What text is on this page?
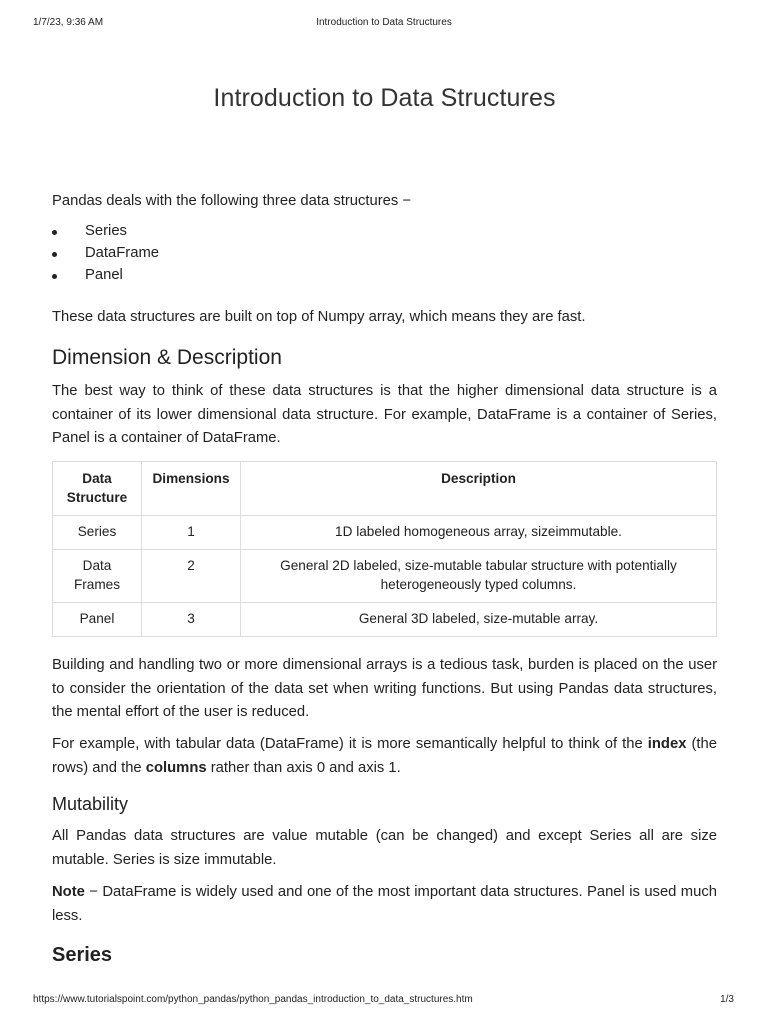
1/7/23, 9:36 AM	Introduction to Data Structures
Introduction to Data Structures

Pandas deals with the following three data structures −

Series
DataFrame
Panel

These data structures are built on top of Numpy array, which means they are fast.

Dimension & Description

The best way to think of these data structures is that the higher dimensional data structure is a container of its lower dimensional data structure. For example, DataFrame is a container of Series, Panel is a container of DataFrame.

Data Structure	Dimensions	Description
Series	1	1D labeled homogeneous array, sizeimmutable.
Data Frames	2	General 2D labeled, size-mutable tabular structure with potentially heterogeneously typed columns.
Panel	3	General 3D labeled, size-mutable array.

Building and handling two or more dimensional arrays is a tedious task, burden is placed on the user to consider the orientation of the data set when writing functions. But using Pandas data structures, the mental effort of the user is reduced.

For example, with tabular data (DataFrame) it is more semantically helpful to think of the index (the rows) and the columns rather than axis 0 and axis 1.

Mutability

All Pandas data structures are value mutable (can be changed) and except Series all are size mutable. Series is size immutable.

Note − DataFrame is widely used and one of the most important data structures. Panel is used much less.

Series
https://www.tutorialspoint.com/python_pandas/python_pandas_introduction_to_data_structures.htm	1/3
